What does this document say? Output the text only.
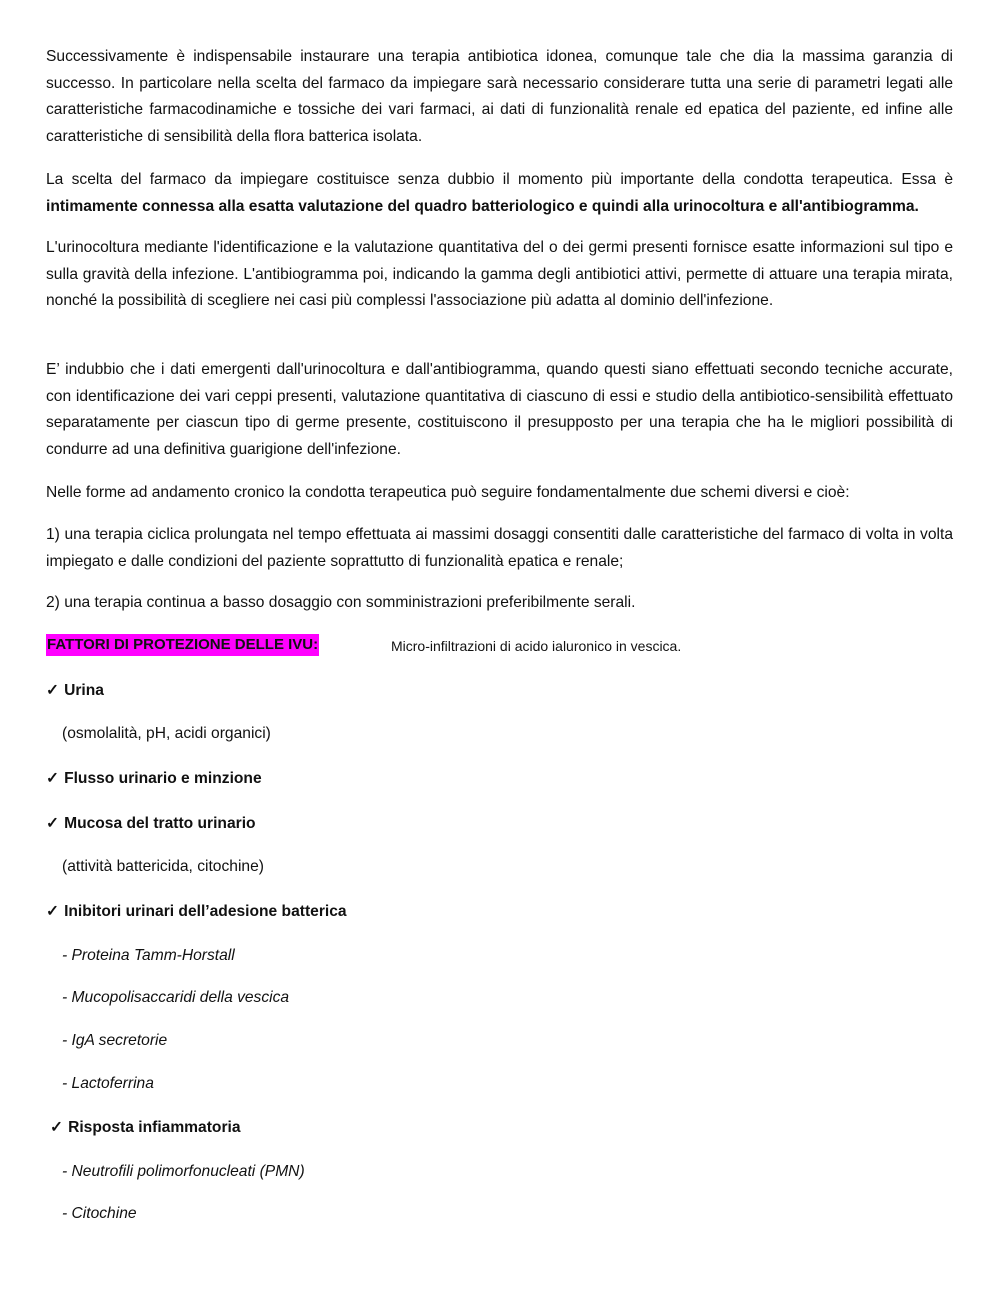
Successivamente è indispensabile instaurare una terapia antibiotica idonea, comunque tale che dia la massima garanzia di successo. In particolare nella scelta del farmaco da impiegare sarà necessario considerare tutta una serie di parametri legati alle caratteristiche farmacodinamiche e tossiche dei vari farmaci, ai dati di funzionalità renale ed epatica del paziente, ed infine alle caratteristiche di sensibilità della flora batterica isolata.

La scelta del farmaco da impiegare costituisce senza dubbio il momento più importante della condotta terapeutica. Essa è intimamente connessa alla esatta valutazione del quadro batteriologico e quindi alla urinocoltura e all'antibiogramma.

L'urinocoltura mediante l'identificazione e la valutazione quantitativa del o dei germi presenti fornisce esatte informazioni sul tipo e sulla gravità della infezione. L'antibiogramma poi, indicando la gamma degli antibiotici attivi, permette di attuare una terapia mirata, nonché la possibilità di scegliere nei casi più complessi l'associazione più adatta al dominio dell'infezione.

E’ indubbio che i dati emergenti dall'urinocoltura e dall'antibiogramma, quando questi siano effettuati secondo tecniche accurate, con identificazione dei vari ceppi presenti, valutazione quantitativa di ciascuno di essi e studio della antibiotico-sensibilità effettuato separatamente per ciascun tipo di germe presente, costituiscono il presupposto per una terapia che ha le migliori possibilità di condurre ad una definitiva guarigione dell'infezione.

Nelle forme ad andamento cronico la condotta terapeutica può seguire fondamentalmente due schemi diversi e cioè:

1) una terapia ciclica prolungata nel tempo effettuata ai massimi dosaggi consentiti dalle caratteristiche del farmaco di volta in volta impiegato e dalle condizioni del paziente soprattutto di funzionalità epatica e renale;

2) una terapia continua a basso dosaggio con somministrazioni preferibilmente serali.

FATTORI DI PROTEZIONE DELLE IVU:	Micro-infiltrazioni di acido ialuronico in vescica.
✓ Urina
(osmolalità, pH, acidi organici)
✓ Flusso urinario e minzione
✓ Mucosa del tratto urinario
(attività battericida, citochine)
✓ Inibitori urinari dell’adesione batterica
- Proteina Tamm-Horstall
- Mucopolisaccaridi della vescica
- IgA secretorie
- Lactoferrina
✓ Risposta infiammatoria
- Neutrofili polimorfonucleati (PMN)
- Citochine
